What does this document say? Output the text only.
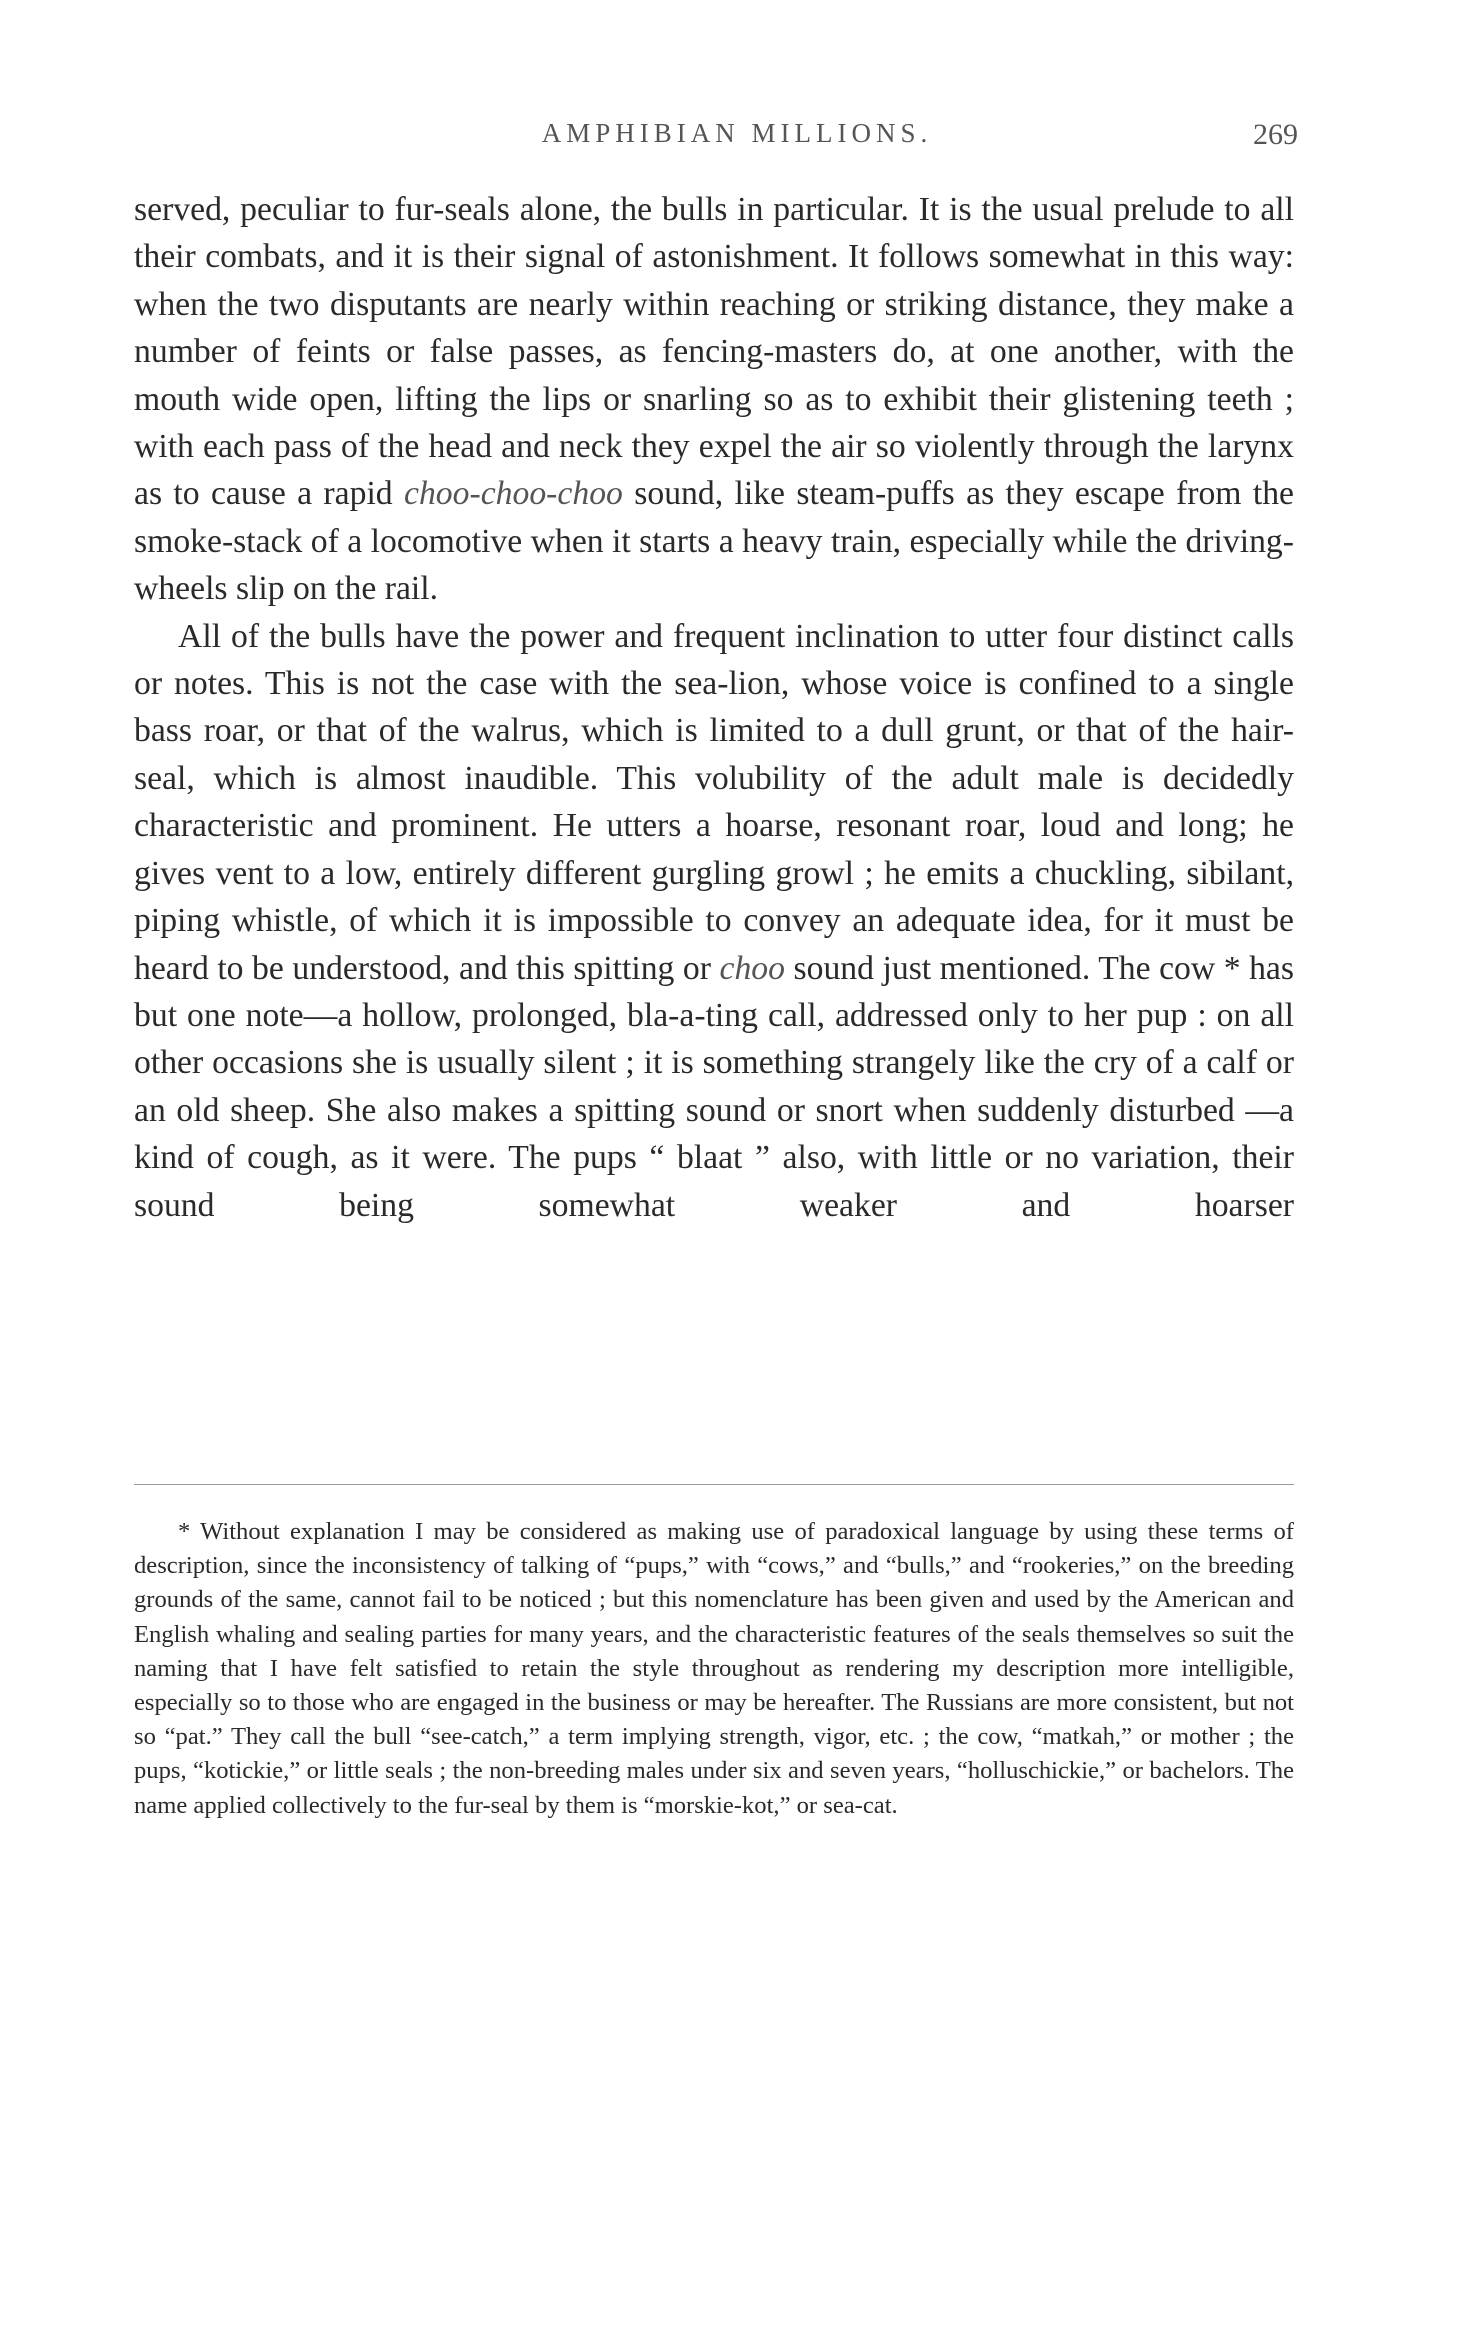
AMPHIBIAN MILLIONS.	269

served, peculiar to fur-seals alone, the bulls in particular. It is the usual prelude to all their combats, and it is their signal of astonishment. It follows somewhat in this way: when the two disputants are nearly within reaching or striking distance, they make a number of feints or false passes, as fencing-masters do, at one another, with the mouth wide open, lifting the lips or snarling so as to exhibit their glistening teeth ; with each pass of the head and neck they expel the air so violently through the larynx as to cause a rapid choo-choo-choo sound, like steam-puffs as they escape from the smoke-stack of a locomotive when it starts a heavy train, especially while the driving-wheels slip on the rail.

All of the bulls have the power and frequent inclination to utter four distinct calls or notes. This is not the case with the sea-lion, whose voice is confined to a single bass roar, or that of the walrus, which is limited to a dull grunt, or that of the hair-seal, which is almost inaudible. This volubility of the adult male is decidedly characteristic and prominent. He utters a hoarse, resonant roar, loud and long; he gives vent to a low, entirely different gurgling growl ; he emits a chuckling, sibilant, piping whistle, of which it is impossible to convey an adequate idea, for it must be heard to be understood, and this spitting or choo sound just mentioned. The cow * has but one note—a hollow, prolonged, bla-a-ting call, addressed only to her pup : on all other occasions she is usually silent ; it is something strangely like the cry of a calf or an old sheep. She also makes a spitting sound or snort when suddenly disturbed —a kind of cough, as it were. The pups “ blaat ” also, with little or no variation, their sound being somewhat weaker and hoarser

* Without explanation I may be considered as making use of paradoxical language by using these terms of description, since the inconsistency of talking of “pups,” with “cows,” and “bulls,” and “rookeries,” on the breeding grounds of the same, cannot fail to be noticed ; but this nomenclature has been given and used by the American and English whaling and sealing parties for many years, and the characteristic features of the seals themselves so suit the naming that I have felt satisfied to retain the style throughout as rendering my description more intelligible, especially so to those who are engaged in the business or may be hereafter. The Russians are more consistent, but not so “pat.” They call the bull “see-catch,” a term implying strength, vigor, etc. ; the cow, “matkah,” or mother ; the pups, “kotickie,” or little seals ; the non-breeding males under six and seven years, “holluschickie,” or bachelors. The name applied collectively to the fur-seal by them is “morskie-kot,” or sea-cat.
